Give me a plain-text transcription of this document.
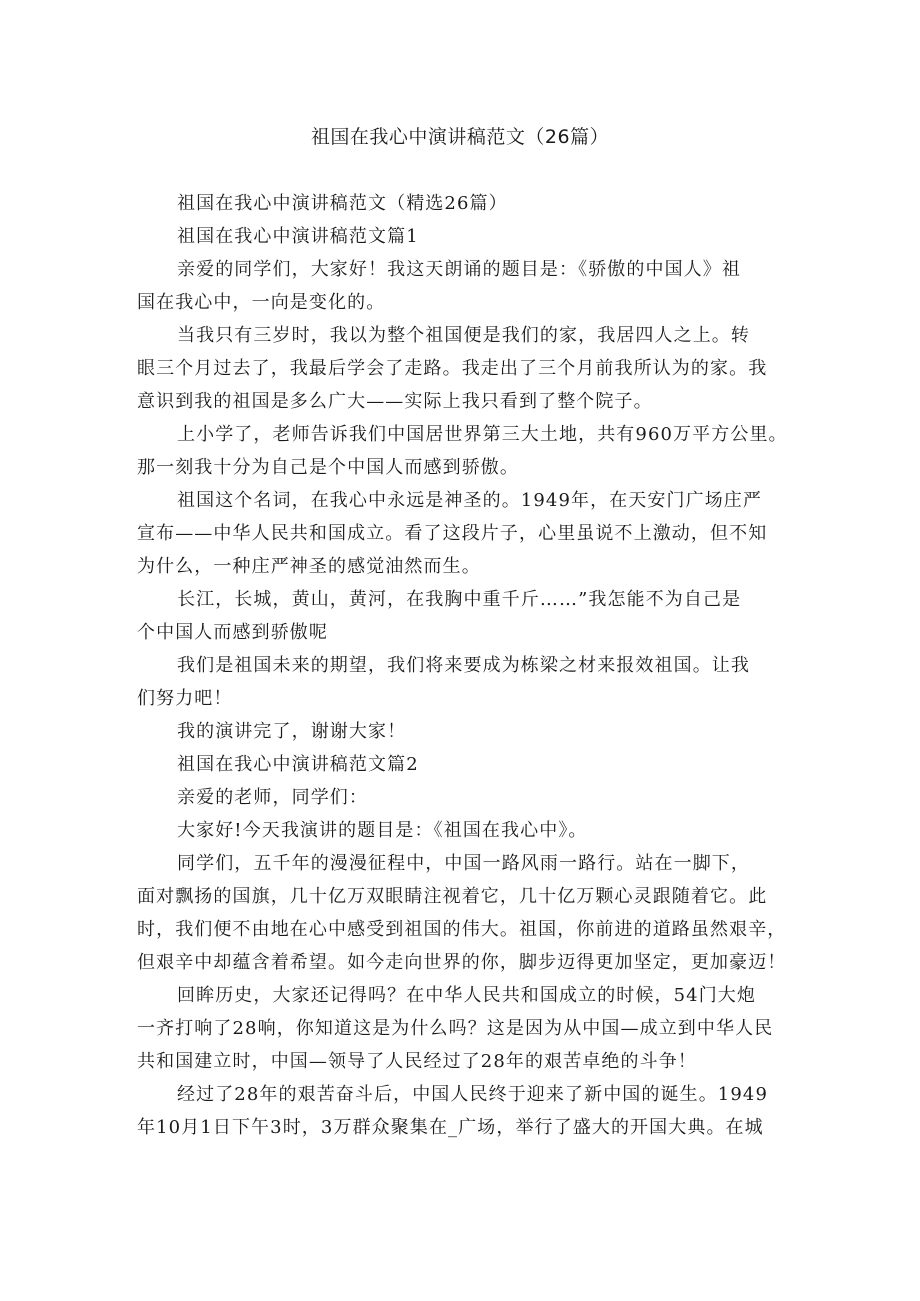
祖国在我心中演讲稿范文（26篇）
祖国在我心中演讲稿范文（精选26篇）
祖国在我心中演讲稿范文篇1
亲爱的同学们，大家好！我这天朗诵的题目是：《骄傲的中国人》祖
国在我心中，一向是变化的。
当我只有三岁时，我以为整个祖国便是我们的家，我居四人之上。转
眼三个月过去了，我最后学会了走路。我走出了三个月前我所认为的家。我
意识到我的祖国是多么广大——实际上我只看到了整个院子。
上小学了，老师告诉我们中国居世界第三大土地，共有960万平方公里。
那一刻我十分为自己是个中国人而感到骄傲。
祖国这个名词，在我心中永远是神圣的。1949年，在天安门广场庄严
宣布——中华人民共和国成立。看了这段片子，心里虽说不上激动，但不知
为什么，一种庄严神圣的感觉油然而生。
长江，长城，黄山，黄河，在我胸中重千斤……”我怎能不为自己是
个中国人而感到骄傲呢
我们是祖国未来的期望，我们将来要成为栋梁之材来报效祖国。让我
们努力吧！
我的演讲完了，谢谢大家！
祖国在我心中演讲稿范文篇2
亲爱的老师，同学们：
大家好!今天我演讲的题目是：《祖国在我心中》。
同学们，五千年的漫漫征程中，中国一路风雨一路行。站在一脚下，
面对飘扬的国旗，几十亿万双眼睛注视着它，几十亿万颗心灵跟随着它。此
时，我们便不由地在心中感受到祖国的伟大。祖国，你前进的道路虽然艰辛，
但艰辛中却蕴含着希望。如今走向世界的你，脚步迈得更加坚定，更加豪迈！
回眸历史，大家还记得吗？在中华人民共和国成立的时候，54门大炮
一齐打响了28响，你知道这是为什么吗？这是因为从中国—成立到中华人民
共和国建立时，中国—领导了人民经过了28年的艰苦卓绝的斗争！
经过了28年的艰苦奋斗后，中国人民终于迎来了新中国的诞生。1949
年10月1日下午3时，3万群众聚集在_广场，举行了盛大的开国大典。在城
